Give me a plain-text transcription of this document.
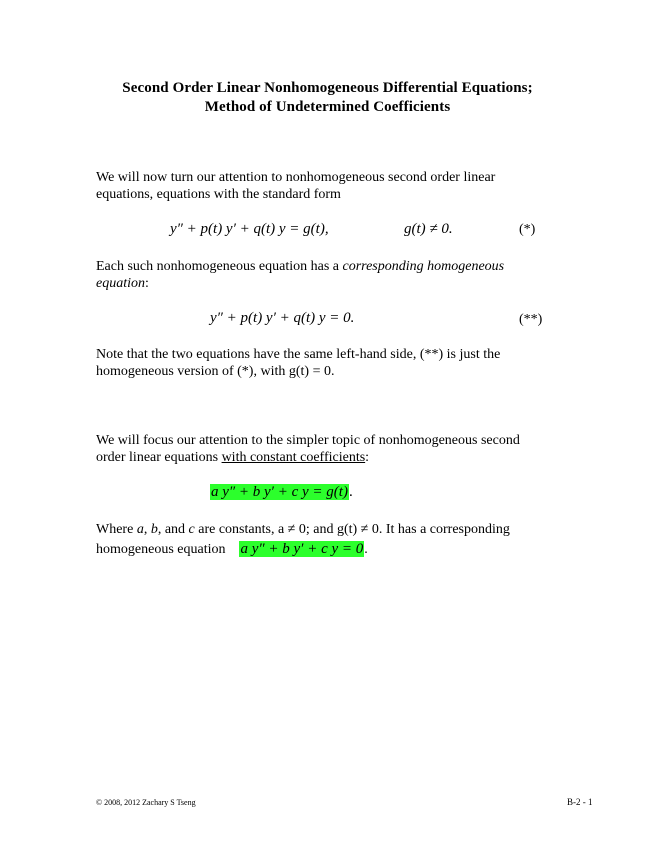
Second Order Linear Nonhomogeneous Differential Equations;
Method of Undetermined Coefficients
We will now turn our attention to nonhomogeneous second order linear
equations, equations with the standard form
y″ + p(t) y′ + q(t) y = g(t),	g(t) ≠ 0.	(*)
Each such nonhomogeneous equation has a corresponding homogeneous
equation:
y″ + p(t) y′ + q(t) y = 0.	(**)
Note that the two equations have the same left-hand side, (**) is just the
homogeneous version of (*), with g(t) = 0.
We will focus our attention to the simpler topic of nonhomogeneous second
order linear equations with constant coefficients:
a y″ + b y′ + c y = g(t).
Where a, b, and c are constants, a ≠ 0; and g(t) ≠ 0. It has a corresponding
homogeneous equation a y″ + b y′ + c y = 0.
© 2008, 2012 Zachary S Tseng	B-2 - 1
